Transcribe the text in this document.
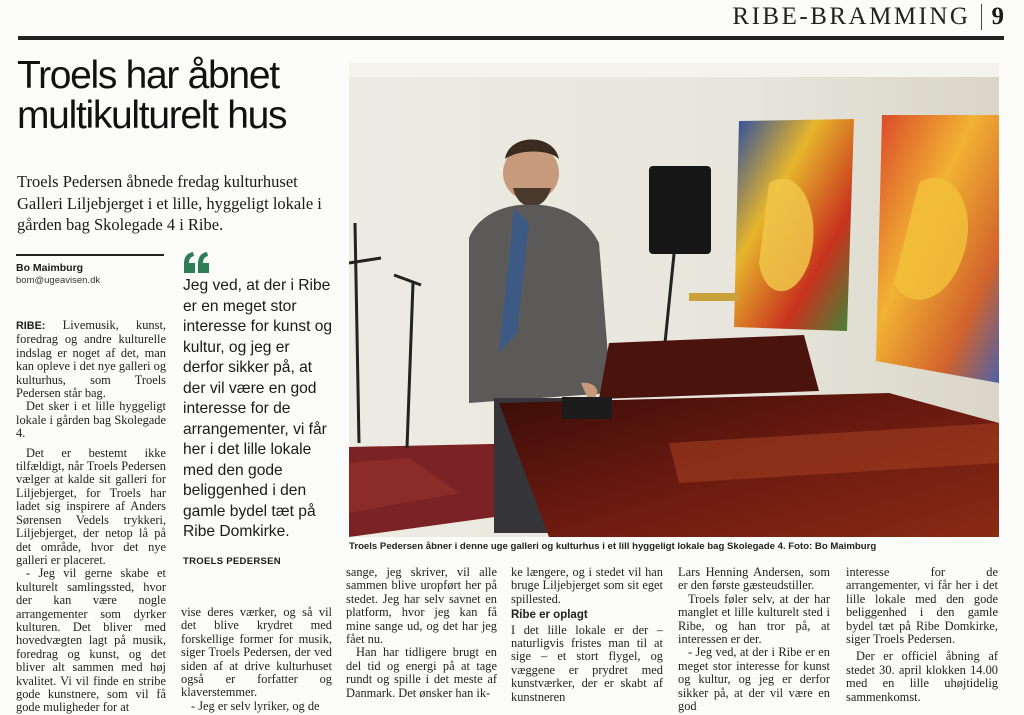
RIBE-BRAMMING 9
Troels har åbnet multikulturelt hus
Troels Pedersen åbnede fredag kulturhuset Galleri Liljebjerget i et lille, hyggeligt lokale i gården bag Skolegade 4 i Ribe.
Bo Maimburg
bom@ugeavisen.dk

RIBE: Livemusik, kunst, foredrag og andre kulturelle indslag er noget af det, man kan opleve i det nye galleri og kulturhus, som Troels Pedersen står bag.

Det sker i et lille hyggeligt lokale i gården bag Skolegade 4.

Det er bestemt ikke tilfældigt, når Troels Pedersen vælger at kalde sit galleri for Liljebjerget, for Troels har ladet sig inspirere af Anders Sørensen Vedels trykkeri, Liljebjerget, der netop lå på det område, hvor det nye galleri er placeret.

- Jeg vil gerne skabe et kulturelt samlingssted, hvor der kan være nogle arrangementer som dyrker kulturen. Det bliver med hovedvægten lagt på musik, foredrag og kunst, og det bliver alt sammen med høj kvalitet. Vi vil finde en stribe gode kunstnere, som vil få gode muligheder for at

Jeg ved, at der i Ribe er en meget stor interesse for kunst og kultur, og jeg er derfor sikker på, at der vil være en god interesse for de arrangementer, vi får her i det lille lokale med den gode beliggenhed i den gamle bydel tæt på Ribe Domkirke.
TROELS PEDERSEN

vise deres værker, og så vil det blive krydret med forskellige former for musik, siger Troels Pedersen, der ved siden af at drive kulturhuset også er forfatter og klaverstemmer.

- Jeg er selv lyriker, og de

Troels Pedersen åbner i denne uge galleri og kulturhus i et lill hyggeligt lokale bag Skolegade 4. Foto: Bo Maimburg

sange, jeg skriver, vil alle sammen blive uropført her på stedet. Jeg har selv savnet en platform, hvor jeg kan få mine sange ud, og det har jeg fået nu.

Han har tidligere brugt en del tid og energi på at tage rundt og spille i det meste af Danmark. Det ønsker han ik-

ke længere, og i stedet vil han bruge Liljebjerget som sit eget spillested.

Ribe er oplagt

I det lille lokale er der – naturligvis fristes man til at sige – et stort flygel, og væggene er prydret med kunstværker, der er skabt af kunstneren

Lars Henning Andersen, som er den første gæsteudstiller.

Troels føler selv, at der har manglet et lille kulturelt sted i Ribe, og han tror på, at interessen er der.

- Jeg ved, at der i Ribe er en meget stor interesse for kunst og kultur, og jeg er derfor sikker på, at der vil være en god

interesse for de arrangementer, vi får her i det lille lokale med den gode beliggenhed i den gamle bydel tæt på Ribe Domkirke, siger Troels Pedersen.

Der er officiel åbning af stedet 30. april klokken 14.00 med en lille uhøjtidelig sammenkomst.
